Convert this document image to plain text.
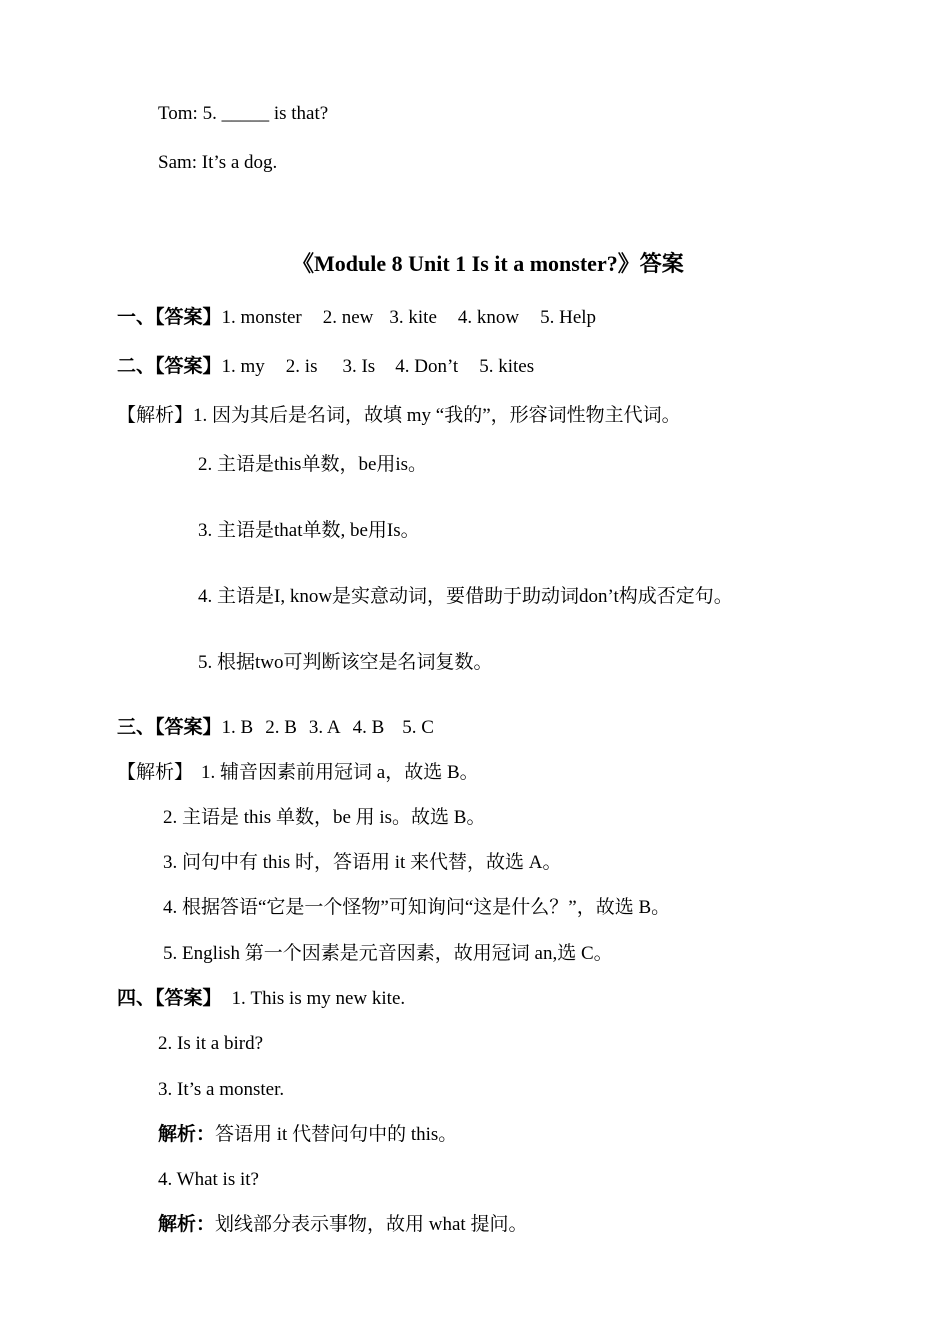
Tom: 5. _____ is that?
Sam: It’s a dog.
《Module 8 Unit 1 Is it a monster?》答案
一、【答案】1. monster 2. new 3. kite 4. know 5. Help
二、【答案】1. my 2. is 3. Is 4. Don’t 5. kites
【解析】1. 因为其后是名词，故填 my “我的”，形容词性物主代词。
2. 主语是this单数，be用is。
3. 主语是that单数, be用Is。
4. 主语是I, know是实意动词，要借助于助动词don’t构成否定句。
5. 根据two可判断该空是名词复数。
三、【答案】1. B 2. B 3. A 4. B 5. C
【解析】 1. 辅音因素前用冠词 a，故选 B。
2. 主语是 this 单数，be 用 is。故选 B。
3. 问句中有 this 时，答语用 it 来代替，故选 A。
4. 根据答语“它是一个怪物”可知询问“这是什么？”，故选 B。
5. English 第一个因素是元音因素，故用冠词 an,选 C。
四、【答案】 1. This is my new kite.
2. Is it a bird?
3. It’s a monster.
解析：答语用 it 代替问句中的 this。
4. What is it?
解析：划线部分表示事物，故用 what 提问。
